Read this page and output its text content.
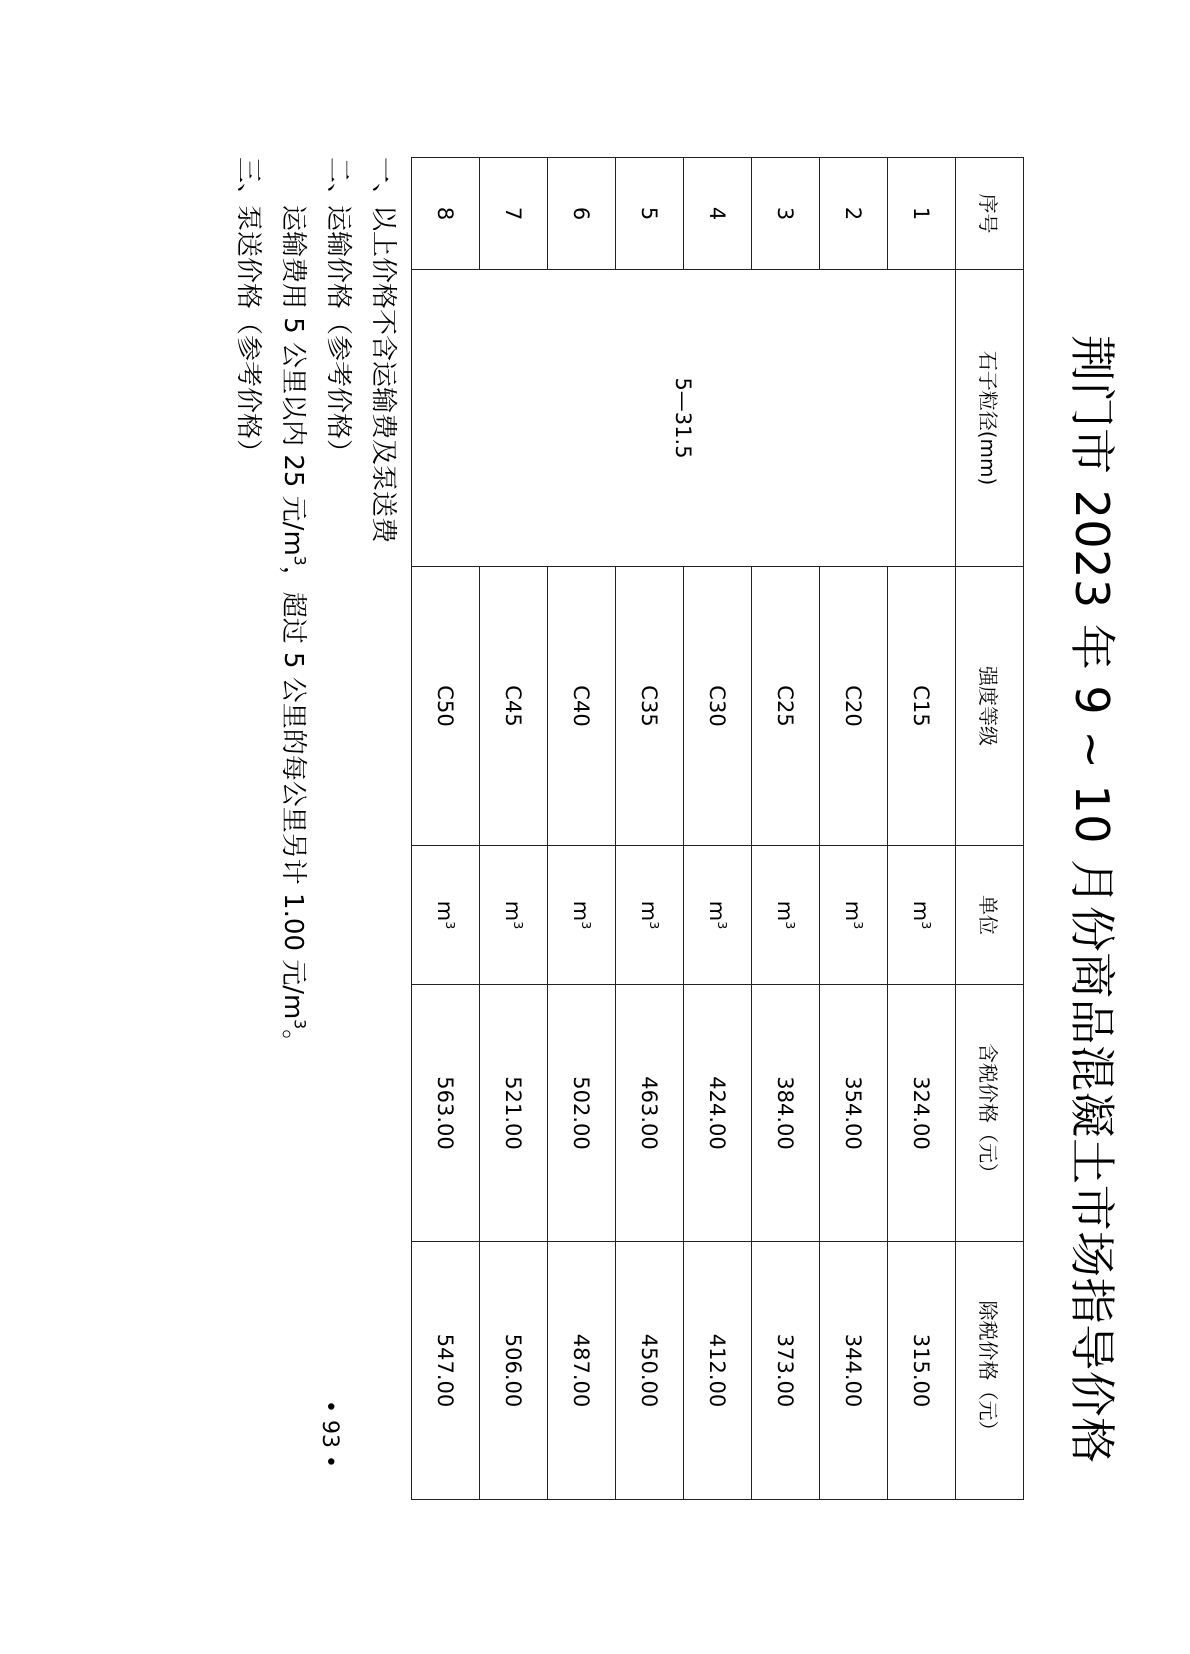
荆门市 2023 年 9 ~ 10 月份商品混凝土市场指导价格
序号	石子粒径(mm)	强度等级	单位	含税价格（元）	除税价格（元）
1	5—31.5	C15	$m^3$	324.00	315.00
2		C20	$m^3$	354.00	344.00
3		C25	$m^3$	384.00	373.00
4		C30	$m^3$	424.00	412.00
5		C35	$m^3$	463.00	450.00
6		C40	$m^3$	502.00	487.00
7		C45	$m^3$	521.00	506.00
8		C50	$m^3$	563.00	547.00
一、以上价格不含运输费及泵送费
二、运输价格（参考价格）
运输费用 5 公里以内 25 元$/m^3$，超过 5 公里的每公里另计 1.00 元$/m^3$。
三、泵送价格（参考价格）
• 93 •
